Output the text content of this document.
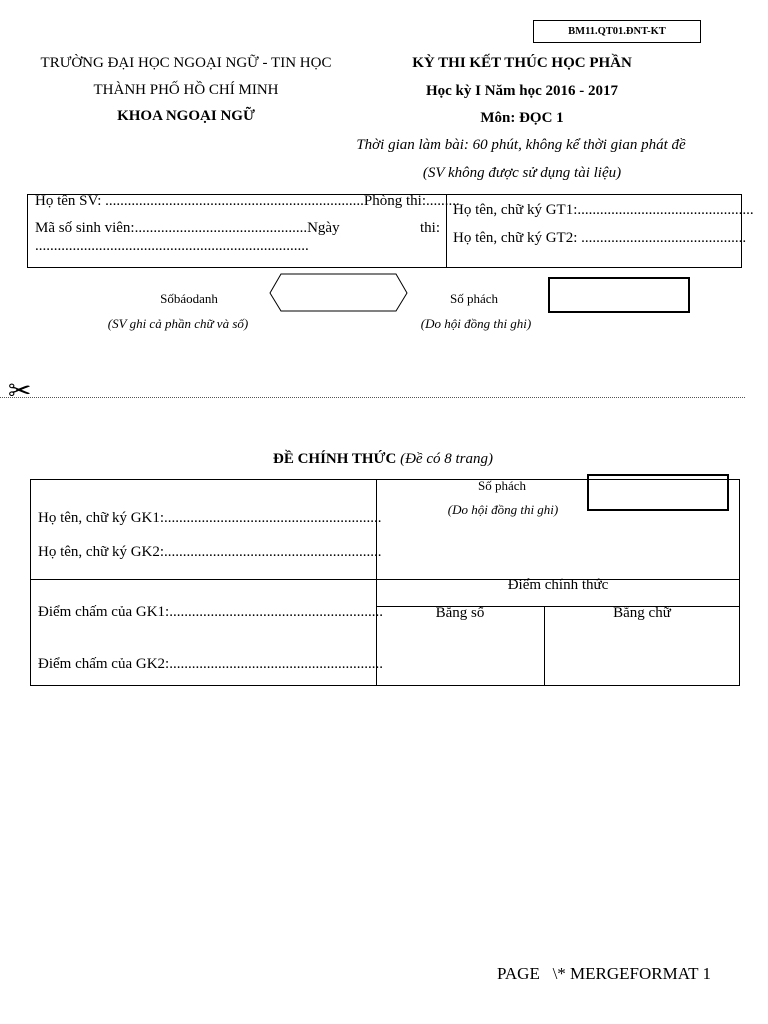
BM11.QT01.ĐNT-KT
TRƯỜNG ĐẠI HỌC NGOẠI NGỮ - TIN HỌC
THÀNH PHỐ HỒ CHÍ MINH
KHOA NGOẠI NGỮ
KỲ THI KẾT THÚC HỌC PHẦN
Học kỳ I Năm học 2016 - 2017
Môn: ĐỌC 1
Thời gian làm bài: 60 phút, không kể thời gian phát đề
(SV không được sử dụng tài liệu)
Họ tên SV: .....................................................................Phòng thi:.........
Mã số sinh viên:..............................................Ngày	thi:
.........................................................................
Họ tên, chữ ký GT1:...............................................
Họ tên, chữ ký GT2: ............................................
Sốbáodanh
(SV ghi cả phần chữ và số)
Số phách
(Do hội đồng thi ghi)
✂
ĐỀ CHÍNH THỨC (Đề có 8 trang)
Họ tên, chữ ký GK1:..........................................................
Họ tên, chữ ký GK2:..........................................................
Số phách
(Do hội đồng thi ghi)
Điểm chấm của GK1:.........................................................
Điểm chấm của GK2:.........................................................
Điểm chính thức
Bằng số	Bằng chữ
PAGE   \* MERGEFORMAT 1
